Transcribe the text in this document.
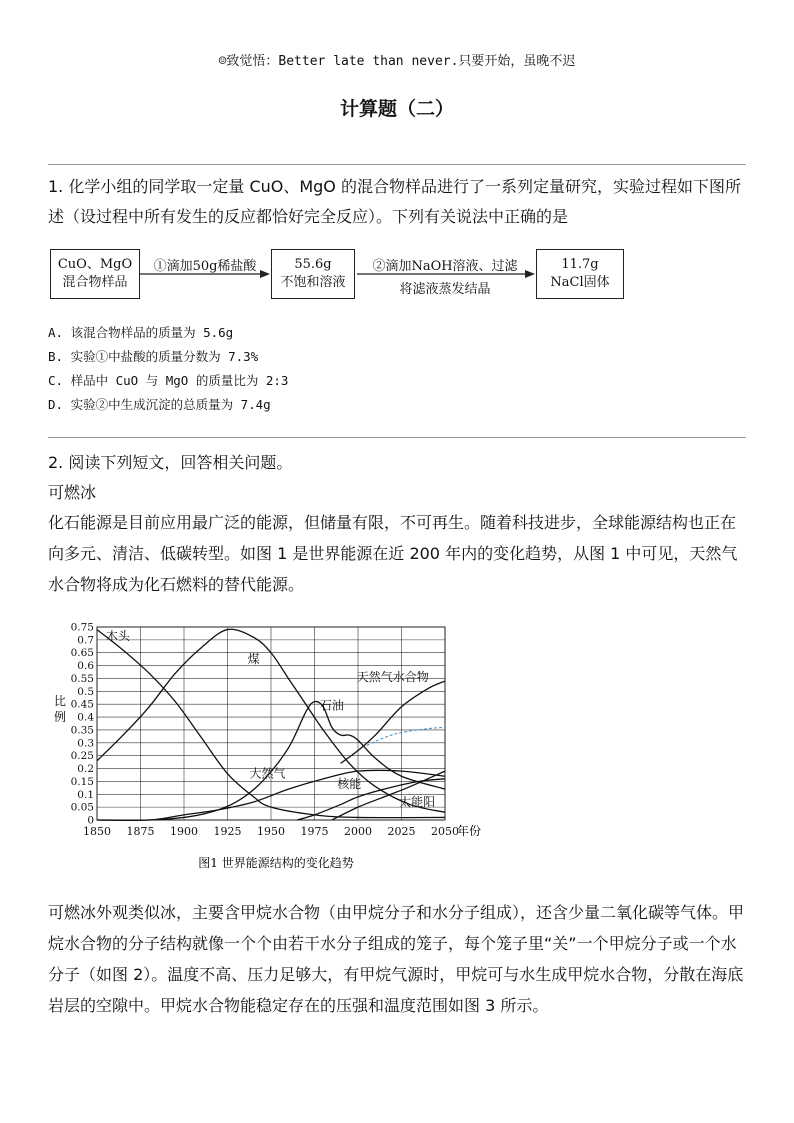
☺致觉悟：Better late than never.只要开始，虽晚不迟
计算题（二）
1. 化学小组的同学取一定量 CuO、MgO 的混合物样品进行了一系列定量研究，实验过程如下图所述（设过程中所有发生的反应都恰好完全反应）。下列有关说法中正确的是
CuO、MgO
混合物样品
①滴加50g稀盐酸	55.6g
不饱和溶液
②滴加NaOH溶液、过滤
将滤液蒸发结晶
11.7g
NaCl固体
A. 该混合物样品的质量为 5.6g
B. 实验①中盐酸的质量分数为 7.3%
C. 样品中 CuO 与 MgO 的质量比为 2:3
D. 实验②中生成沉淀的总质量为 7.4g
2. 阅读下列短文，回答相关问题。
可燃冰
化石能源是目前应用最广泛的能源，但储量有限，不可再生。随着科技进步，全球能源结构也正在向多元、清洁、低碳转型。如图 1 是世界能源在近 200 年内的变化趋势，从图 1 中可见，天然气水合物将成为化石燃料的替代能源。
0
0.05
0.1
0.15
0.2
0.25
0.3
0.35
0.4
0.45
0.5
0.55
0.6
0.65
0.7
0.75
1850 1875 1900 1925 1950 1975 2000 2025 2050
比
例
年份
木头
煤
天然气水合物
石油
大然气
核能
太能阳
图1 世界能源结构的变化趋势
可燃冰外观类似冰，主要含甲烷水合物（由甲烷分子和水分子组成），还含少量二氧化碳等气体。甲烷水合物的分子结构就像一个个由若干水分子组成的笼子，每个笼子里“关”一个甲烷分子或一个水分子（如图 2）。温度不高、压力足够大，有甲烷气源时，甲烷可与水生成甲烷水合物，分散在海底岩层的空隙中。甲烷水合物能稳定存在的压强和温度范围如图 3 所示。
